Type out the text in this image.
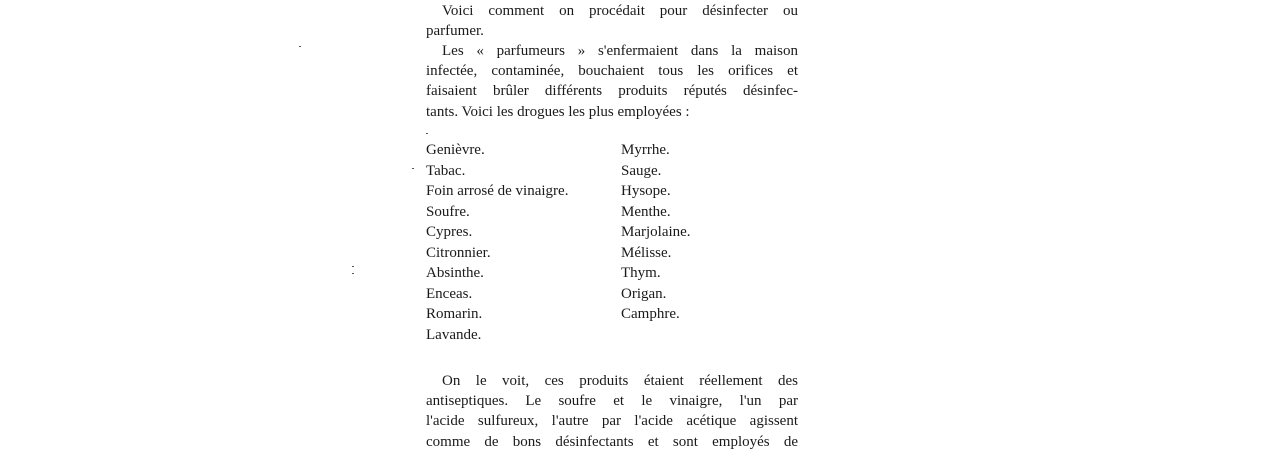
Voici comment on procédait pour désinfecter ou
parfumer.

Les « parfumeurs » s'enfermaient dans la maison
infectée, contaminée, bouchaient tous les orifices et
faisaient brûler différents produits réputés désinfec-
tants. Voici les drogues les plus employées :

Genièvre.
Tabac.
Foin arrosé de vinaigre.
Soufre.
Cypres.
Citronnier.
Absinthe.
Enceas.
Romarin.
Lavande.
Myrrhe.
Sauge.
Hysope.
Menthe.
Marjolaine.
Mélisse.
Thym.
Origan.
Camphre.

On le voit, ces produits étaient réellement des
antiseptiques. Le soufre et le vinaigre, l'un par
l'acide sulfureux, l'autre par l'acide acétique agissent
comme de bons désinfectants et sont employés de
